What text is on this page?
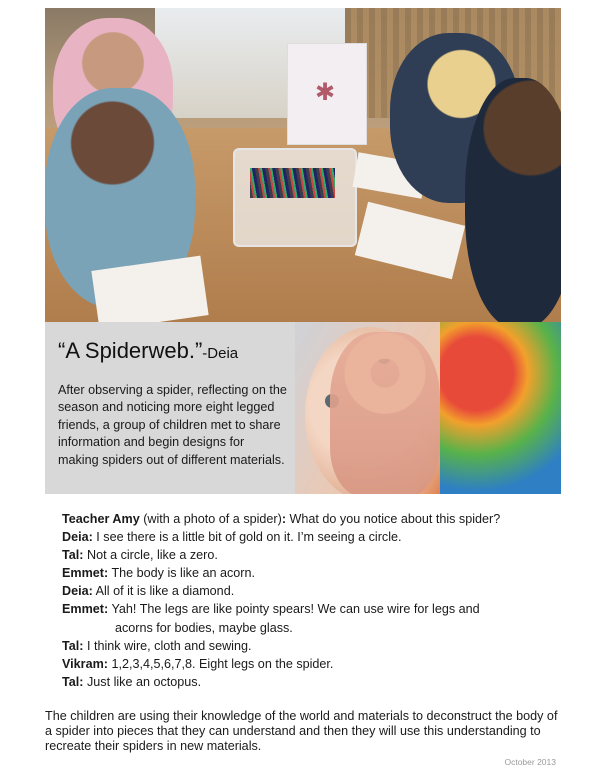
✱
“A Spiderweb.”-Deia

After observing a spider, reflecting on the season and noticing more eight legged friends, a group of children met to share information and begin designs for making spiders out of different materials.

Teacher Amy (with a photo of a spider): What do you notice about this spider?
Deia: I see there is a little bit of gold on it. I’m seeing a circle.
Tal: Not a circle, like a zero.
Emmet: The body is like an acorn.
Deia: All of it is like a diamond.
Emmet: Yah! The legs are like pointy spears! We can use wire for legs and
acorns for bodies, maybe glass.
Tal: I think wire, cloth and sewing.
Vikram: 1,2,3,4,5,6,7,8. Eight legs on the spider.
Tal: Just like an octopus.

The children are using their knowledge of the world and materials to deconstruct the body of a spider into pieces that they can understand and then they will use this understanding to recreate their spiders in new materials.

October 2013
